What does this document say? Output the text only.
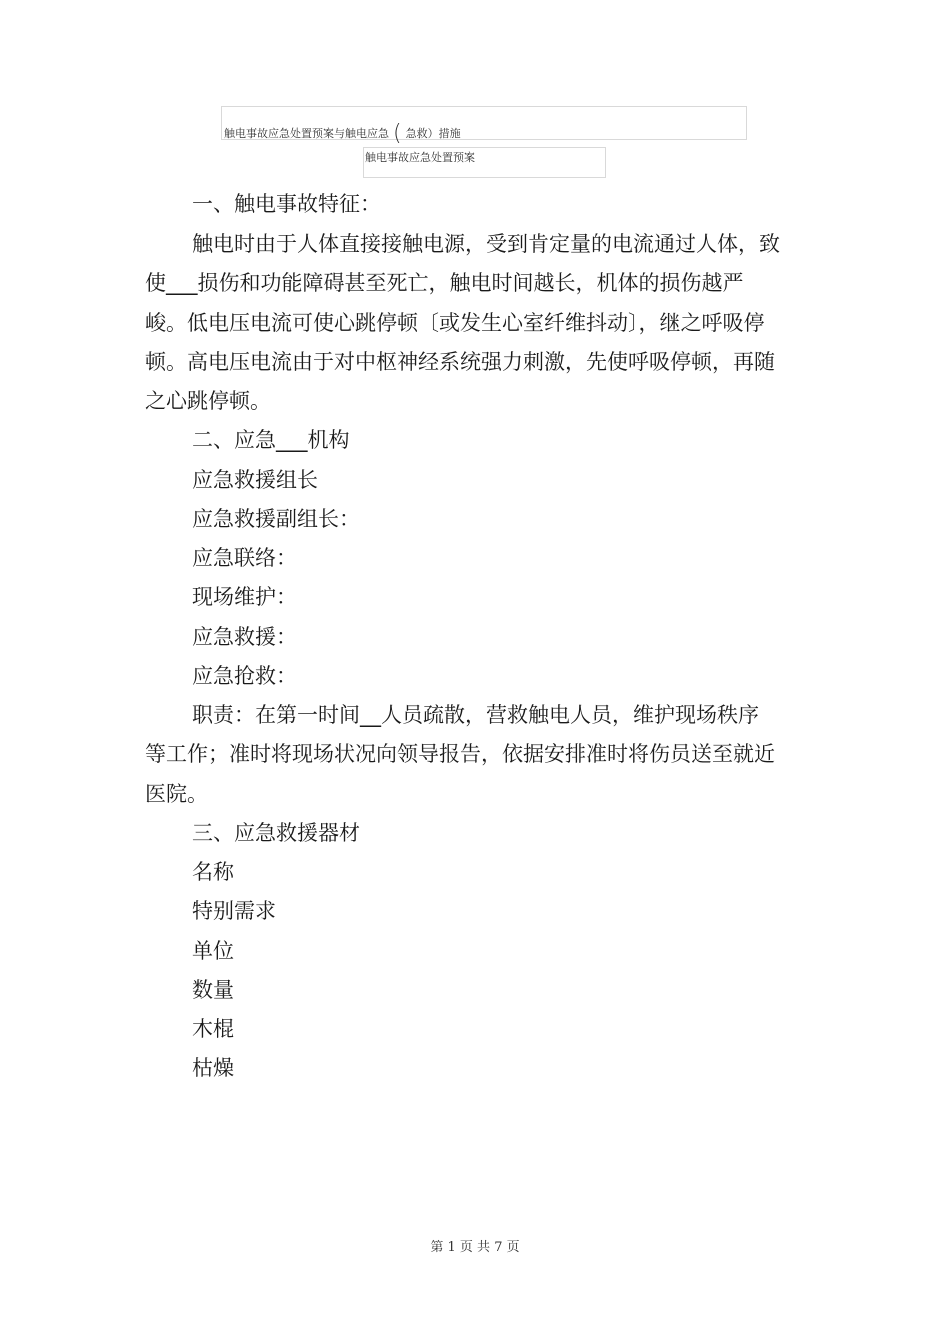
触电事故应急处置预案与触电应急 ( 急救）措施
触电事故应急处置预案
一、触电事故特征：
触电时由于人体直接接触电源，受到肯定量的电流通过人体，致
使___损伤和功能障碍甚至死亡，触电时间越长，机体的损伤越严
峻。低电压电流可使心跳停顿〔或发生心室纤维抖动〕，继之呼吸停
顿。高电压电流由于对中枢神经系统强力刺激，先使呼吸停顿，再随
之心跳停顿。
二、应急___机构
应急救援组长
应急救援副组长：
应急联络：
现场维护：
应急救援：
应急抢救：
职责：在第一时间__人员疏散，营救触电人员，维护现场秩序
等工作；准时将现场状况向领导报告，依据安排准时将伤员送至就近
医院。
三、应急救援器材
名称
特别需求
单位
数量
木棍
枯燥
第 1 页 共 7 页
